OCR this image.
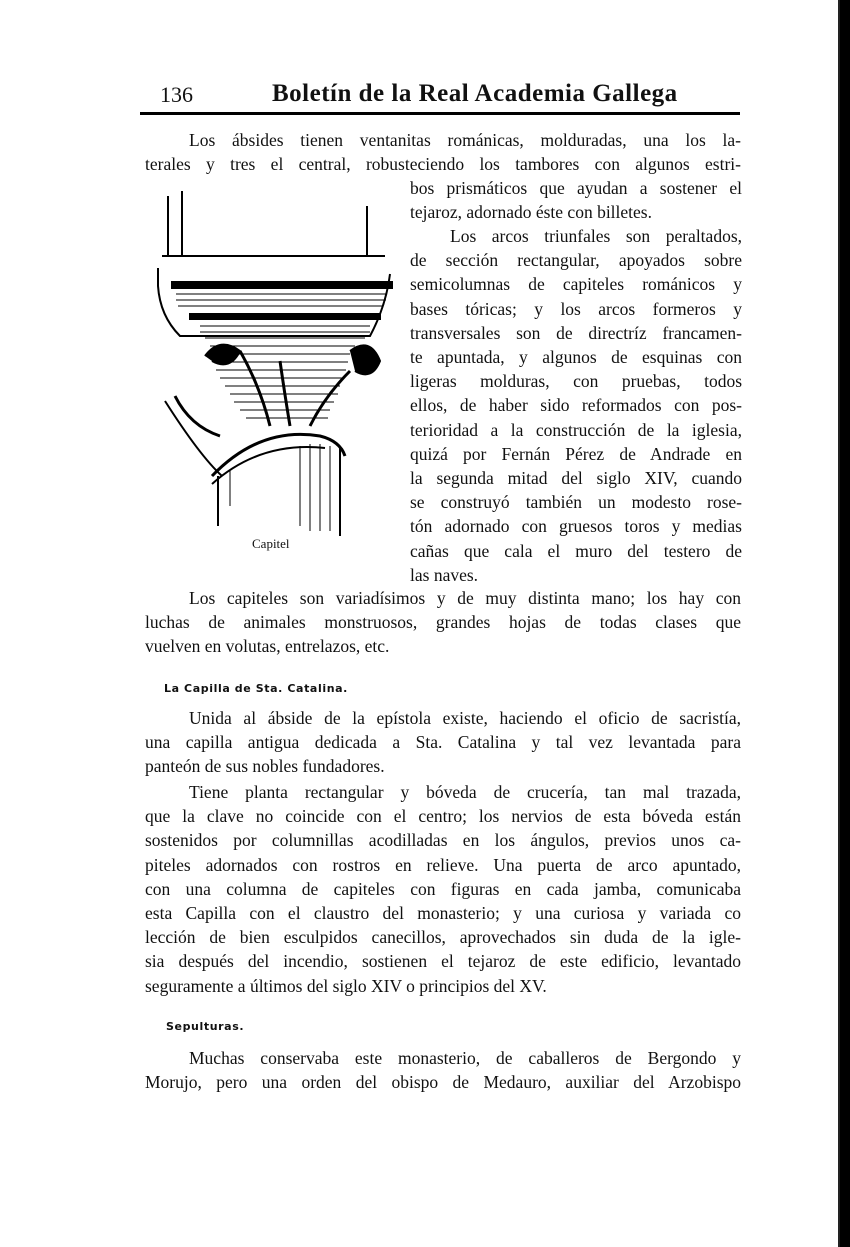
136	Boletín de la Real Academia Gallega
Los ábsides tienen ventanitas románicas, molduradas, una los la-
terales y tres el central, robusteciendo los tambores con algunos estri-
bos prismáticos que ayudan a sostener el
tejaroz, adornado éste con billetes.
Los arcos triunfales son peraltados,
de sección rectangular, apoyados sobre
semicolumnas de capiteles románicos y
bases tóricas; y los arcos formeros y
transversales son de directríz francamen-
te apuntada, y algunos de esquinas con
ligeras molduras, con pruebas, todos
ellos, de haber sido reformados con pos-
terioridad a la construcción de la iglesia,
quizá por Fernán Pérez de Andrade en
la segunda mitad del siglo XIV, cuando
se construyó también un modesto rose-
tón adornado con gruesos toros y medias
cañas que cala el muro del testero de
las naves.
Capitel
Los capiteles son variadísimos y de muy distinta mano; los hay con
luchas de animales monstruosos, grandes hojas de todas clases que
vuelven en volutas, entrelazos, etc.
La Capilla de Sta. Catalina.
Unida al ábside de la epístola existe, haciendo el oficio de sacristía,
una capilla antigua dedicada a Sta. Catalina y tal vez levantada para
panteón de sus nobles fundadores.
Tiene planta rectangular y bóveda de crucería, tan mal trazada,
que la clave no coincide con el centro; los nervios de esta bóveda están
sostenidos por columnillas acodilladas en los ángulos, previos unos ca-
piteles adornados con rostros en relieve. Una puerta de arco apuntado,
con una columna de capiteles con figuras en cada jamba, comunicaba
esta Capilla con el claustro del monasterio; y una curiosa y variada co
lección de bien esculpidos canecillos, aprovechados sin duda de la igle-
sia después del incendio, sostienen el tejaroz de este edificio, levantado
seguramente a últimos del siglo XIV o principios del XV.
Sepulturas.
Muchas conservaba este monasterio, de caballeros de Bergondo y
Morujo, pero una orden del obispo de Medauro, auxiliar del Arzobispo
